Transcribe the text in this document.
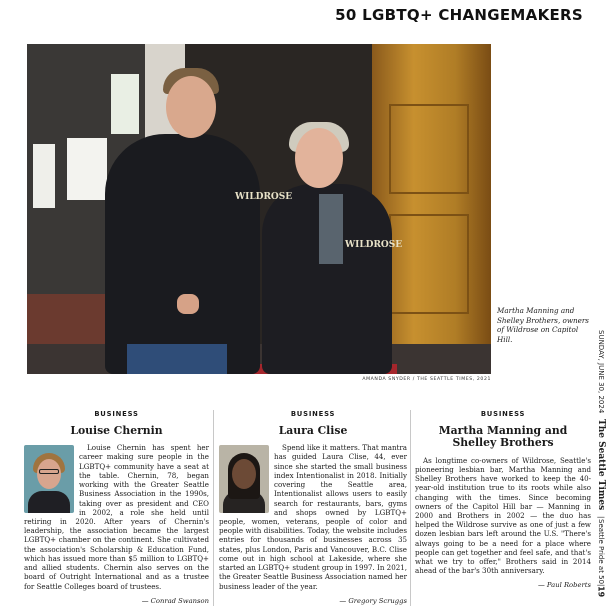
50 LGBTQ+ CHANGEMAKERS
WILDROSE
WILDROSE
AMANDA SNYDER / THE SEATTLE TIMES, 2021
Martha Manning and Shelley Brothers, owners of Wildrose on Capitol Hill.	SUNDAY, JUNE 30, 2024
The Seattle Times
|
Seattle Pride at 50
|
19
BUSINESS
Louise Chernin

Louise Chernin has spent her career making sure people in the LGBTQ+ community have a seat at the table. Chernin, 78, began working with the Greater Seattle Business Association in the 1990s, taking over as president and CEO in 2002, a role she held until retiring in 2020. After years of Chernin's leadership, the association became the largest LGBTQ+ chamber on the continent. She cultivated the association's Scholarship & Education Fund, which has issued more than $5 million to LGBTQ+ and allied students. Chernin also serves on the board of Outright International and as a trustee for Seattle Colleges board of trustees.

— Conrad Swanson
BUSINESS
Laura Clise

Spend like it matters. That mantra has guided Laura Clise, 44, ever since she started the small business index Intentionalist in 2018. Initially covering the Seattle area, Intentionalist allows users to easily search for restaurants, bars, gyms and shops owned by LGBTQ+ people, women, veterans, people of color and people with disabilities. Today, the website includes entries for thousands of businesses across 35 states, plus London, Paris and Vancouver, B.C. Clise come out in high school at Lakeside, where she started an LGBTQ+ student group in 1997. In 2021, the Greater Seattle Business Association named her business leader of the year.

— Gregory Scruggs
BUSINESS
Martha Manning and Shelley Brothers

As longtime co-owners of Wildrose, Seattle's pioneering lesbian bar, Martha Manning and Shelley Brothers have worked to keep the 40-year-old institution true to its roots while also changing with the times. Since becoming owners of the Capitol Hill bar — Manning in 2000 and Brothers in 2002 — the duo has helped the Wildrose survive as one of just a few dozen lesbian bars left around the U.S. "There's always going to be a need for a place where people can get together and feel safe, and that's what we try to offer," Brothers said in 2014 ahead of the bar's 30th anniversary.

— Paul Roberts
